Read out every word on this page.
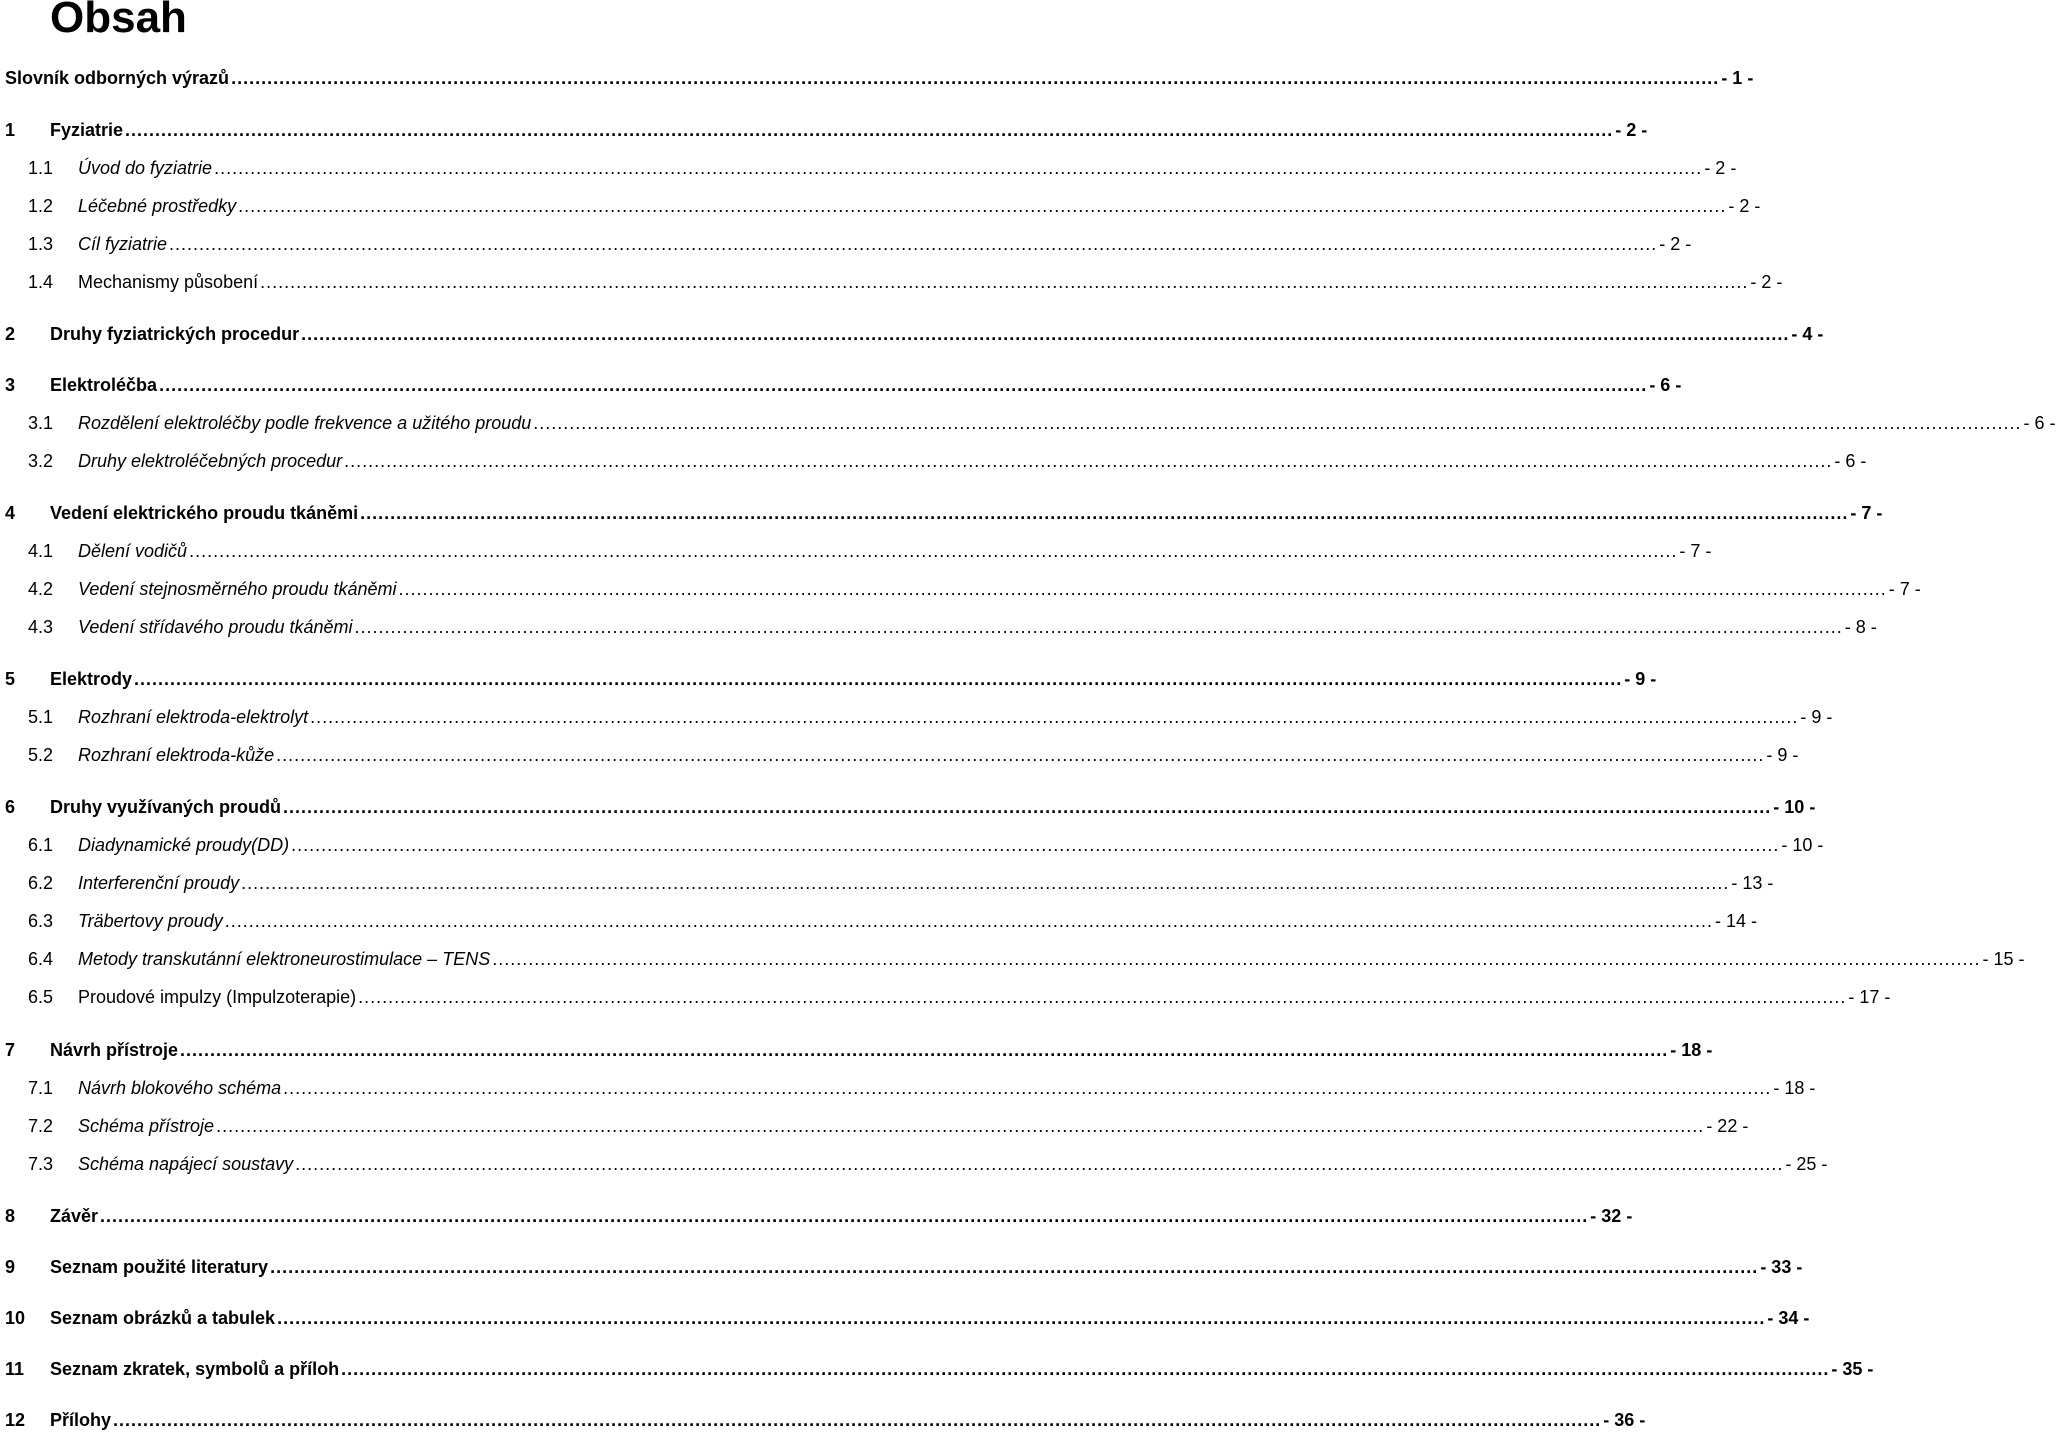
Obsah
Slovník odborných výrazů .....	- 1 -
1	Fyziatrie .....	- 2 -
1.1	Úvod do fyziatrie .....	- 2 -
1.2	Léčebné prostředky .....	- 2 -
1.3	Cíl fyziatrie .....	- 2 -
1.4	Mechanismy působení .....	- 2 -
2	Druhy fyziatrických procedur .....	- 4 -
3	Elektroléčba .....	- 6 -
3.1	Rozdělení elektroléčby podle frekvence a užitého proudu .....	- 6 -
3.2	Druhy elektroléčebných procedur .....	- 6 -
4	Vedení elektrického proudu tkáněmi .....	- 7 -
4.1	Dělení vodičů .....	- 7 -
4.2	Vedení stejnosměrného proudu tkáněmi .....	- 7 -
4.3	Vedení střídavého proudu tkáněmi .....	- 8 -
5	Elektrody .....	- 9 -
5.1	Rozhraní elektroda-elektrolyt .....	- 9 -
5.2	Rozhraní elektroda-kůže .....	- 9 -
6	Druhy využívaných proudů .....	- 10 -
6.1	Diadynamické proudy(DD) .....	- 10 -
6.2	Interferenční proudy .....	- 13 -
6.3	Träbertovy proudy .....	- 14 -
6.4	Metody transkutánní elektroneurostimulace – TENS .....	- 15 -
6.5	Proudové impulzy (Impulzoterapie) .....	- 17 -
7	Návrh přístroje .....	- 18 -
7.1	Návrh blokového schéma .....	- 18 -
7.2	Schéma přístroje .....	- 22 -
7.3	Schéma napájecí soustavy .....	- 25 -
8	Závěr .....	- 32 -
9	Seznam použité literatury .....	- 33 -
10	Seznam obrázků a tabulek .....	- 34 -
11	Seznam zkratek, symbolů a příloh .....	- 35 -
12	Přílohy .....	- 36 -
